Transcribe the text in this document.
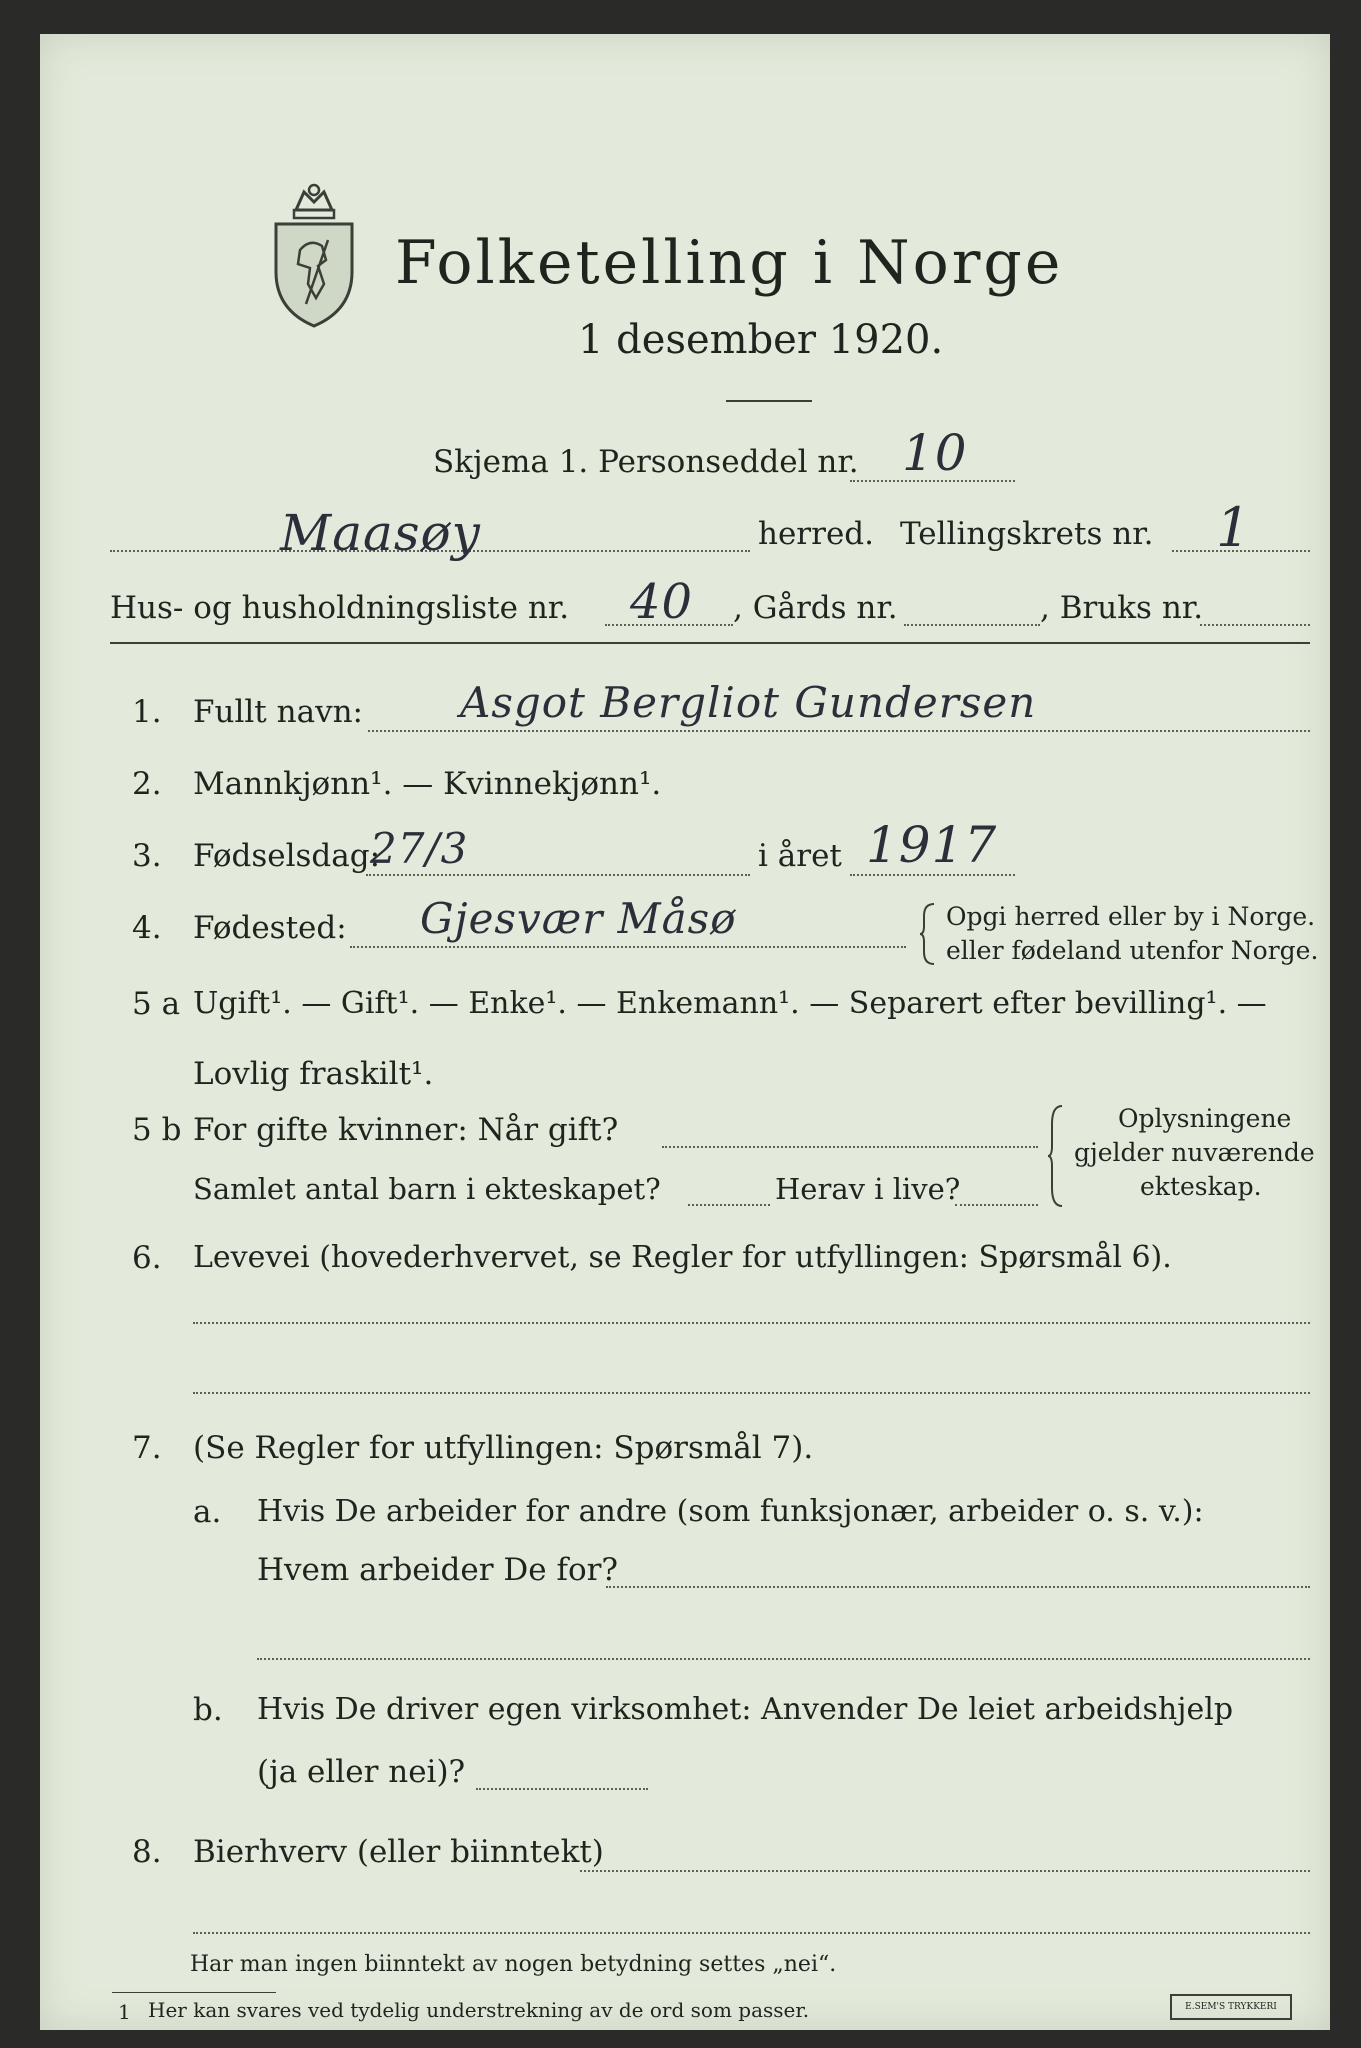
Folketelling i Norge
1 desember 1920.
Skjema 1. Personseddel nr. 10
Maasøy	herred. Tellingskrets nr. 1
Hus- og husholdningsliste nr. 40 , Gårds nr.	, Bruks nr.
1. Fullt navn: Asgot Bergliot Gundersen
2. Mannkjønn¹. — Kvinnekjønn¹.
3. Fødselsdag:
27/3	i året 1917
4. Fødested: Gjesvær Måsø	Opgi herred eller by i Norge.
eller fødeland utenfor Norge.
5 a Ugift¹. — Gift¹. — Enke¹. — Enkemann¹. — Separert efter bevilling¹. —
Lovlig fraskilt¹.
5 b For gifte kvinner: Når gift?
Samlet antal barn i ekteskapet?	Herav i live?
Oplysningene
gjelder nuværende
ekteskap.
6. Levevei (hovederhvervet, se Regler for utfyllingen: Spørsmål 6).
7. (Se Regler for utfyllingen: Spørsmål 7).
a. Hvis De arbeider for andre (som funksjonær, arbeider o. s. v.):
Hvem arbeider De for?
b. Hvis De driver egen virksomhet: Anvender De leiet arbeidshjelp
(ja eller nei)?
8. Bierhverv (eller biinntekt)
Har man ingen biinntekt av nogen betydning settes „nei“.
1 Her kan svares ved tydelig understrekning av de ord som passer.	E.SEM'S TRYKKERI
